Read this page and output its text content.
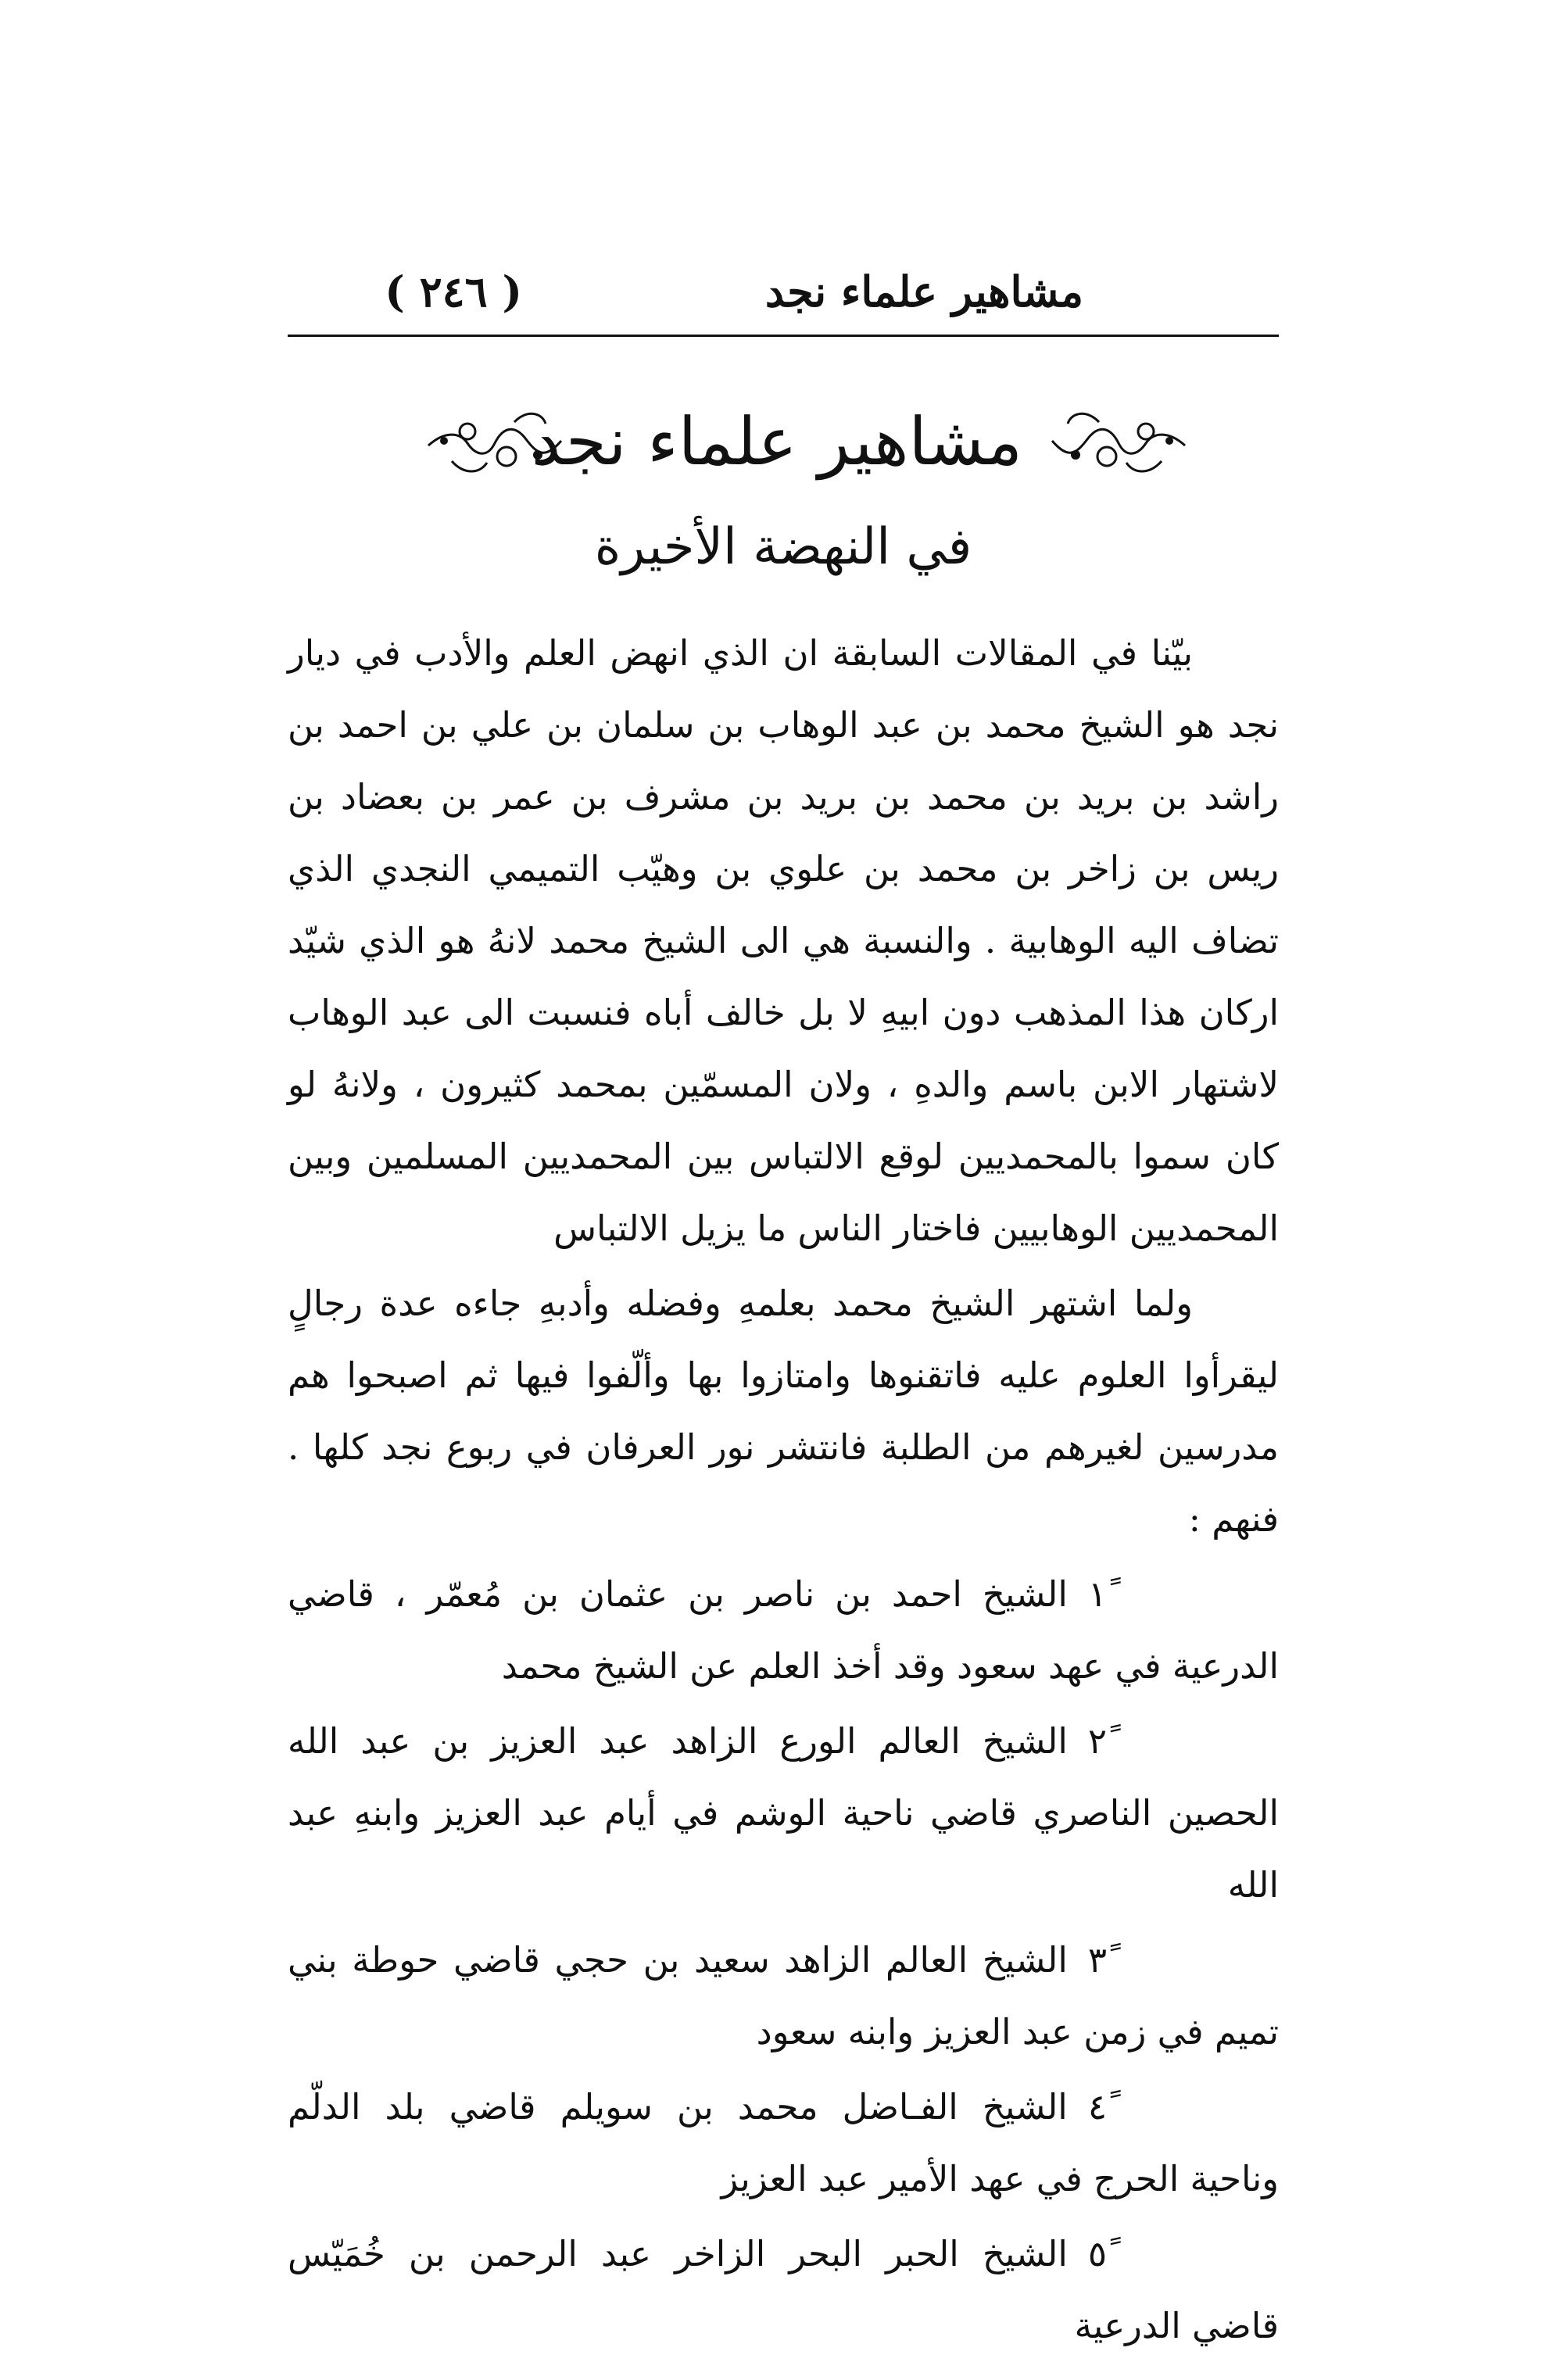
مشاهير علماء نجد
( ٢٤٦ )
مشاهير علماء نجد
في النهضة الأخيرة

بيّنا في المقالات السابقة ان الذي انهض العلم والأدب في ديار نجد هو الشيخ محمد بن عبد الوهاب بن سلمان بن علي بن احمد بن راشد بن بريد بن محمد بن بريد بن مشرف بن عمر بن بعضاد بن ريس بن زاخر بن محمد بن علوي بن وهيّب التميمي النجدي الذي تضاف اليه الوهابية . والنسبة هي الى الشيخ محمد لانهُ هو الذي شيّد اركان هذا المذهب دون ابيهِ لا بل خالف أباه فنسبت الى عبد الوهاب لاشتهار الابن باسم والدهِ ، ولان المسمّين بمحمد كثيرون ، ولانهُ لو كان سموا بالمحمديين لوقع الالتباس بين المحمديين المسلمين وبين المحمديين الوهابيين فاختار الناس ما يزيل الالتباس

ولما اشتهر الشيخ محمد بعلمهِ وفضله وأدبهِ جاءه عدة رجالٍ ليقرأوا العلوم عليه فاتقنوها وامتازوا بها وألّفوا فيها ثم اصبحوا هم مدرسين لغيرهم من الطلبة فانتشر نور العرفان في ربوع نجد كلها . فنهم :

١ًالشيخ احمد بن ناصر بن عثمان بن مُعمّر ، قاضي الدرعية في عهد سعود وقد أخذ العلم عن الشيخ محمد

٢ًالشيخ العالم الورع الزاهد عبد العزيز بن عبد الله الحصين الناصري قاضي ناحية الوشم في أيام عبد العزيز وابنهِ عبد الله

٣ًالشيخ العالم الزاهد سعيد بن حجي قاضي حوطة بني تميم في زمن عبد العزيز وابنه سعود

٤ًالشيخ الفـاضل محمد بن سويلم قاضي بلد الدلّم وناحية الحرج في عهد الأمير عبد العزيز

٥ًالشيخ الحبر البحر الزاخر عبد الرحمن بن خُمَيّس قاضي الدرعية
